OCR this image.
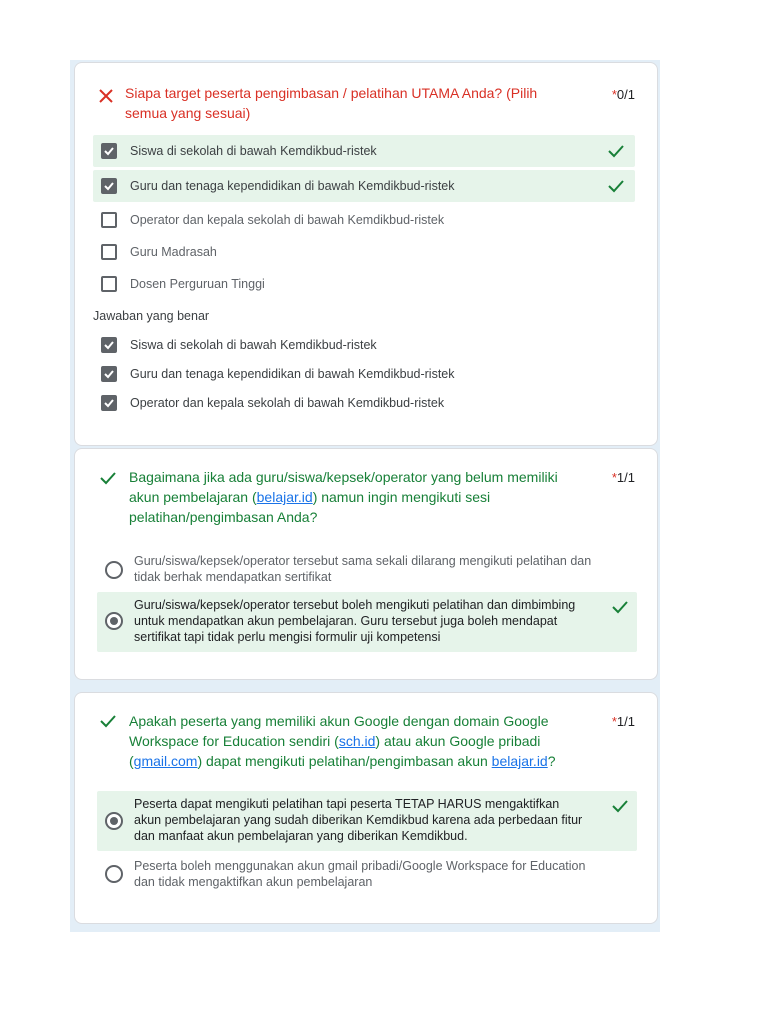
Siapa target peserta pengimbasan / pelatihan UTAMA Anda? (Pilih
semua yang sesuai)
*0/1
Siswa di sekolah di bawah Kemdikbud-ristek
Guru dan tenaga kependidikan di bawah Kemdikbud-ristek
Operator dan kepala sekolah di bawah Kemdikbud-ristek
Guru Madrasah
Dosen Perguruan Tinggi
Jawaban yang benar
Siswa di sekolah di bawah Kemdikbud-ristek
Guru dan tenaga kependidikan di bawah Kemdikbud-ristek
Operator dan kepala sekolah di bawah Kemdikbud-ristek
Bagaimana jika ada guru/siswa/kepsek/operator yang belum memiliki
akun pembelajaran (belajar.id) namun ingin mengikuti sesi
pelatihan/pengimbasan Anda?
*1/1
Guru/siswa/kepsek/operator tersebut sama sekali dilarang mengikuti pelatihan dan
tidak berhak mendapatkan sertifikat
Guru/siswa/kepsek/operator tersebut boleh mengikuti pelatihan dan dimbimbing
untuk mendapatkan akun pembelajaran. Guru tersebut juga boleh mendapat
sertifikat tapi tidak perlu mengisi formulir uji kompetensi
Apakah peserta yang memiliki akun Google dengan domain Google
Workspace for Education sendiri (sch.id) atau akun Google pribadi
(gmail.com) dapat mengikuti pelatihan/pengimbasan akun belajar.id?
*1/1
Peserta dapat mengikuti pelatihan tapi peserta TETAP HARUS mengaktifkan
akun pembelajaran yang sudah diberikan Kemdikbud karena ada perbedaan fitur
dan manfaat akun pembelajaran yang diberikan Kemdikbud.
Peserta boleh menggunakan akun gmail pribadi/Google Workspace for Education
dan tidak mengaktifkan akun pembelajaran
